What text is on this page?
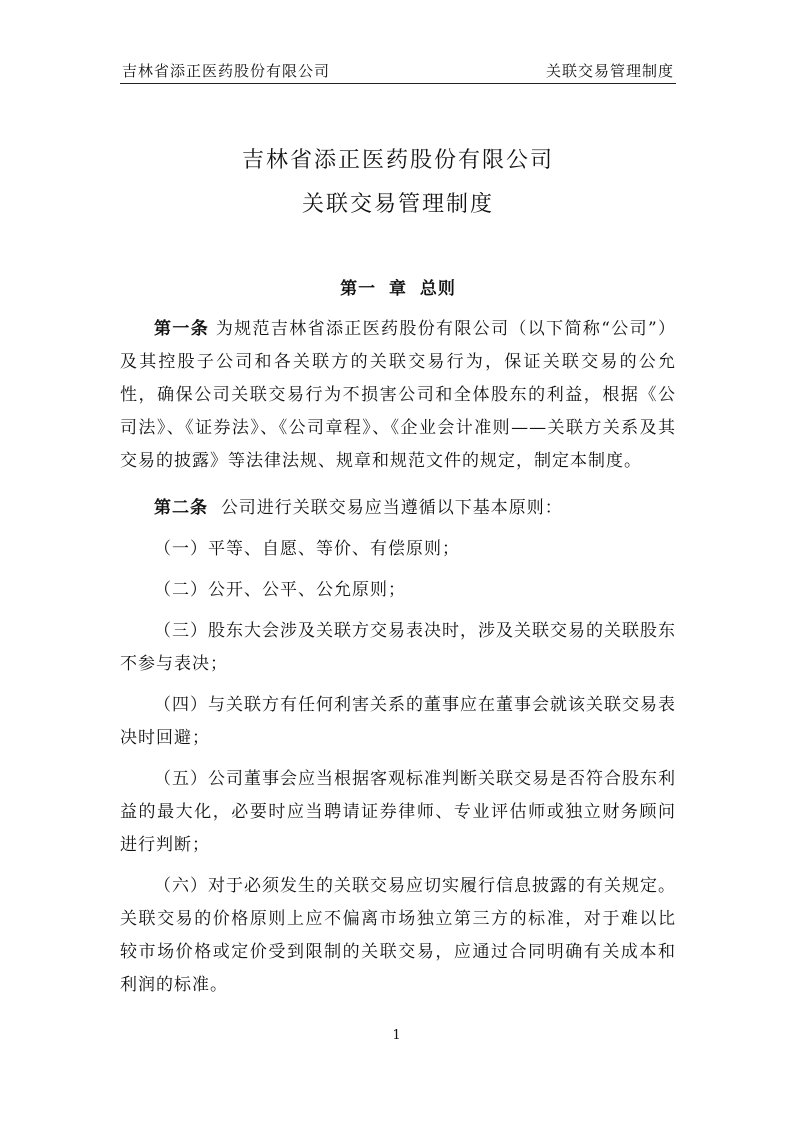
吉林省添正医药股份有限公司	关联交易管理制度
吉林省添正医药股份有限公司
关联交易管理制度
第一 章 总则

第一条 为规范吉林省添正医药股份有限公司（以下简称“公司”）及其控股子公司和各关联方的关联交易行为，保证关联交易的公允性，确保公司关联交易行为不损害公司和全体股东的利益，根据《公司法》、《证券法》、《公司章程》、《企业会计准则——关联方关系及其交易的披露》等法律法规、规章和规范文件的规定，制定本制度。

第二条 公司进行关联交易应当遵循以下基本原则：

（一）平等、自愿、等价、有偿原则；

（二）公开、公平、公允原则；

（三）股东大会涉及关联方交易表决时，涉及关联交易的关联股东不参与表决；

（四）与关联方有任何利害关系的董事应在董事会就该关联交易表决时回避；

（五）公司董事会应当根据客观标准判断关联交易是否符合股东利益的最大化，必要时应当聘请证券律师、专业评估师或独立财务顾问进行判断；

（六）对于必须发生的关联交易应切实履行信息披露的有关规定。关联交易的价格原则上应不偏离市场独立第三方的标准，对于难以比较市场价格或定价受到限制的关联交易，应通过合同明确有关成本和利润的标准。

1
